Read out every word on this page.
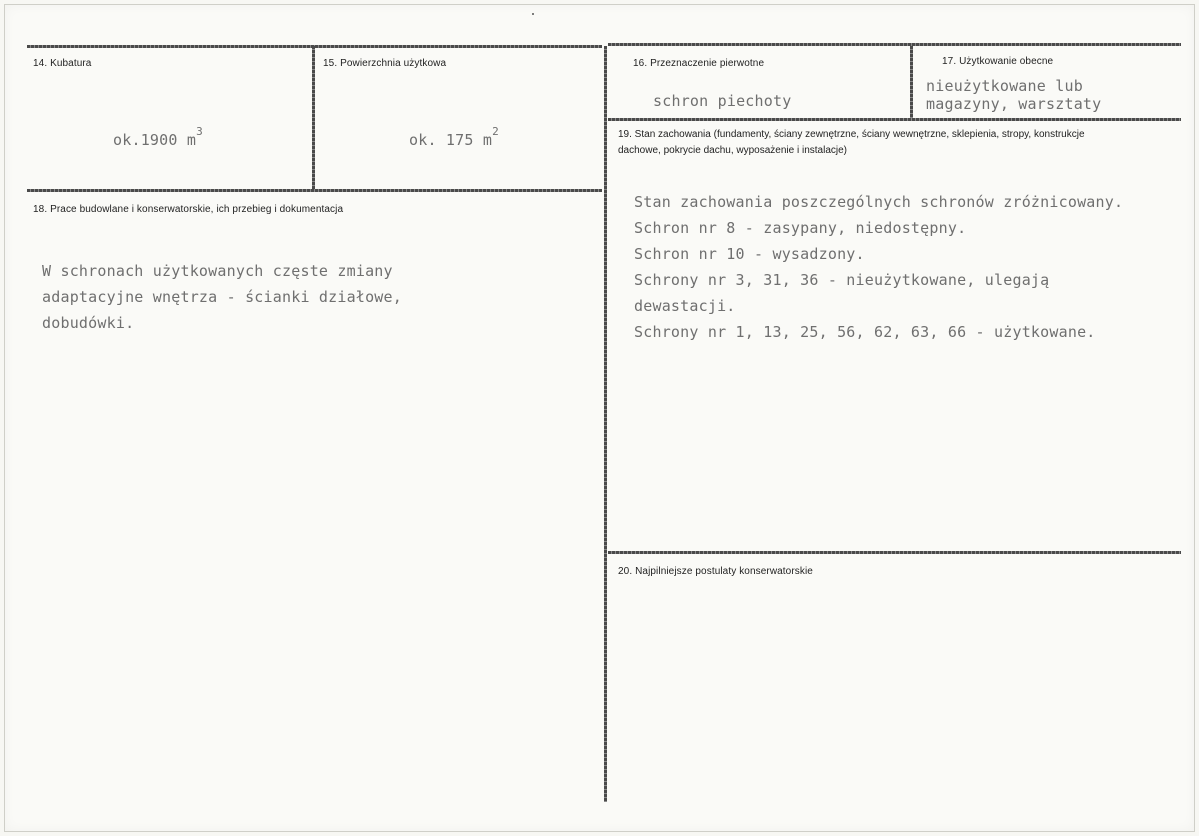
14. Kubatura
ok.1900 $m^3$
15. Powierzchnia użytkowa
ok. 175 $m^2$
16. Przeznaczenie pierwotne
schron piechoty
17. Użytkowanie obecne
nieużytkowane lub
magazyny, warsztaty
18. Prace budowlane i konserwatorskie, ich przebieg i dokumentacja
W schronach użytkowanych częste zmiany
adaptacyjne wnętrza - ścianki działowe,
dobudówki.
19. Stan zachowania (fundamenty, ściany zewnętrzne, ściany wewnętrzne, sklepienia, stropy, konstrukcje dachowe, pokrycie dachu, wyposażenie i instalacje)
Stan zachowania poszczególnych schronów zróżnicowany.
Schron nr 8 - zasypany, niedostępny.
Schron nr 10 - wysadzony.
Schrony nr 3, 31, 36 - nieużytkowane, ulegają
dewastacji.
Schrony nr 1, 13, 25, 56, 62, 63, 66 - użytkowane.
20. Najpilniejsze postulaty konserwatorskie
